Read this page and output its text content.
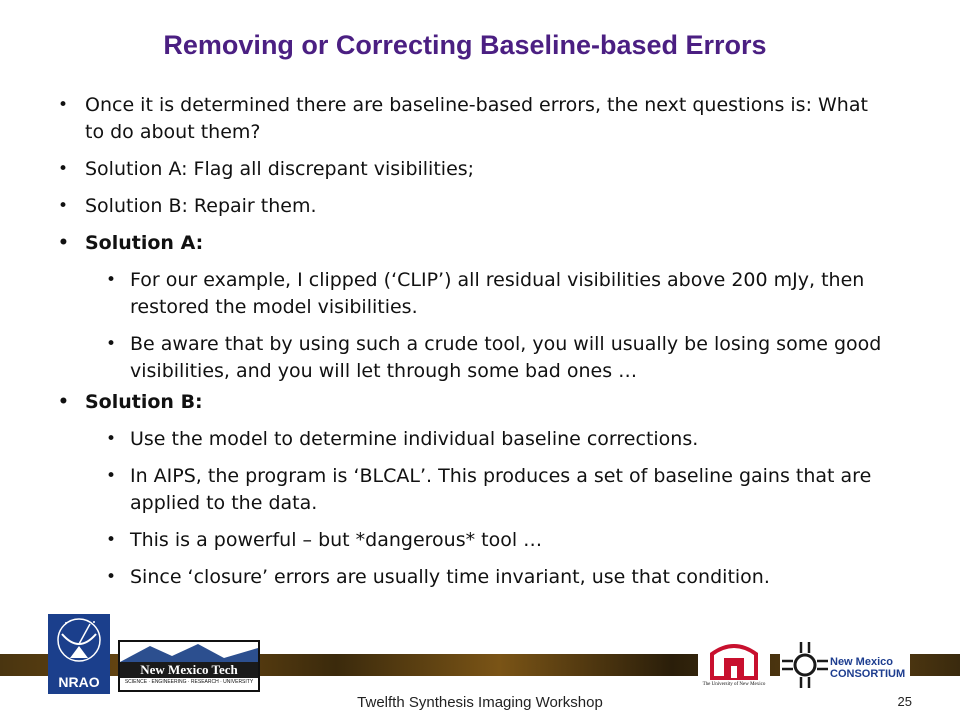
Removing or Correcting Baseline-based Errors
• Once it is determined there are baseline-based errors, the next questions is: What to do about them?
• Solution A: Flag all discrepant visibilities;
• Solution B: Repair them.
• Solution A:
• For our example, I clipped (‘CLIP’) all residual visibilities above 200 mJy, then restored the model visibilities.
• Be aware that by using such a crude tool, you will usually be losing some good visibilities, and you will let through some bad ones …
• Solution B:
• Use the model to determine individual baseline corrections.
• In AIPS, the program is ‘BLCAL’. This produces a set of baseline gains that are applied to the data.
• This is a powerful – but *dangerous* tool …
• Since ‘closure’ errors are usually time invariant, use that condition.
NRAO
New Mexico Tech
SCIENCE · ENGINEERING · RESEARCH · UNIVERSITY	The University of New Mexico
New Mexico
CONSORTIUM
Twelfth Synthesis Imaging Workshop	25
